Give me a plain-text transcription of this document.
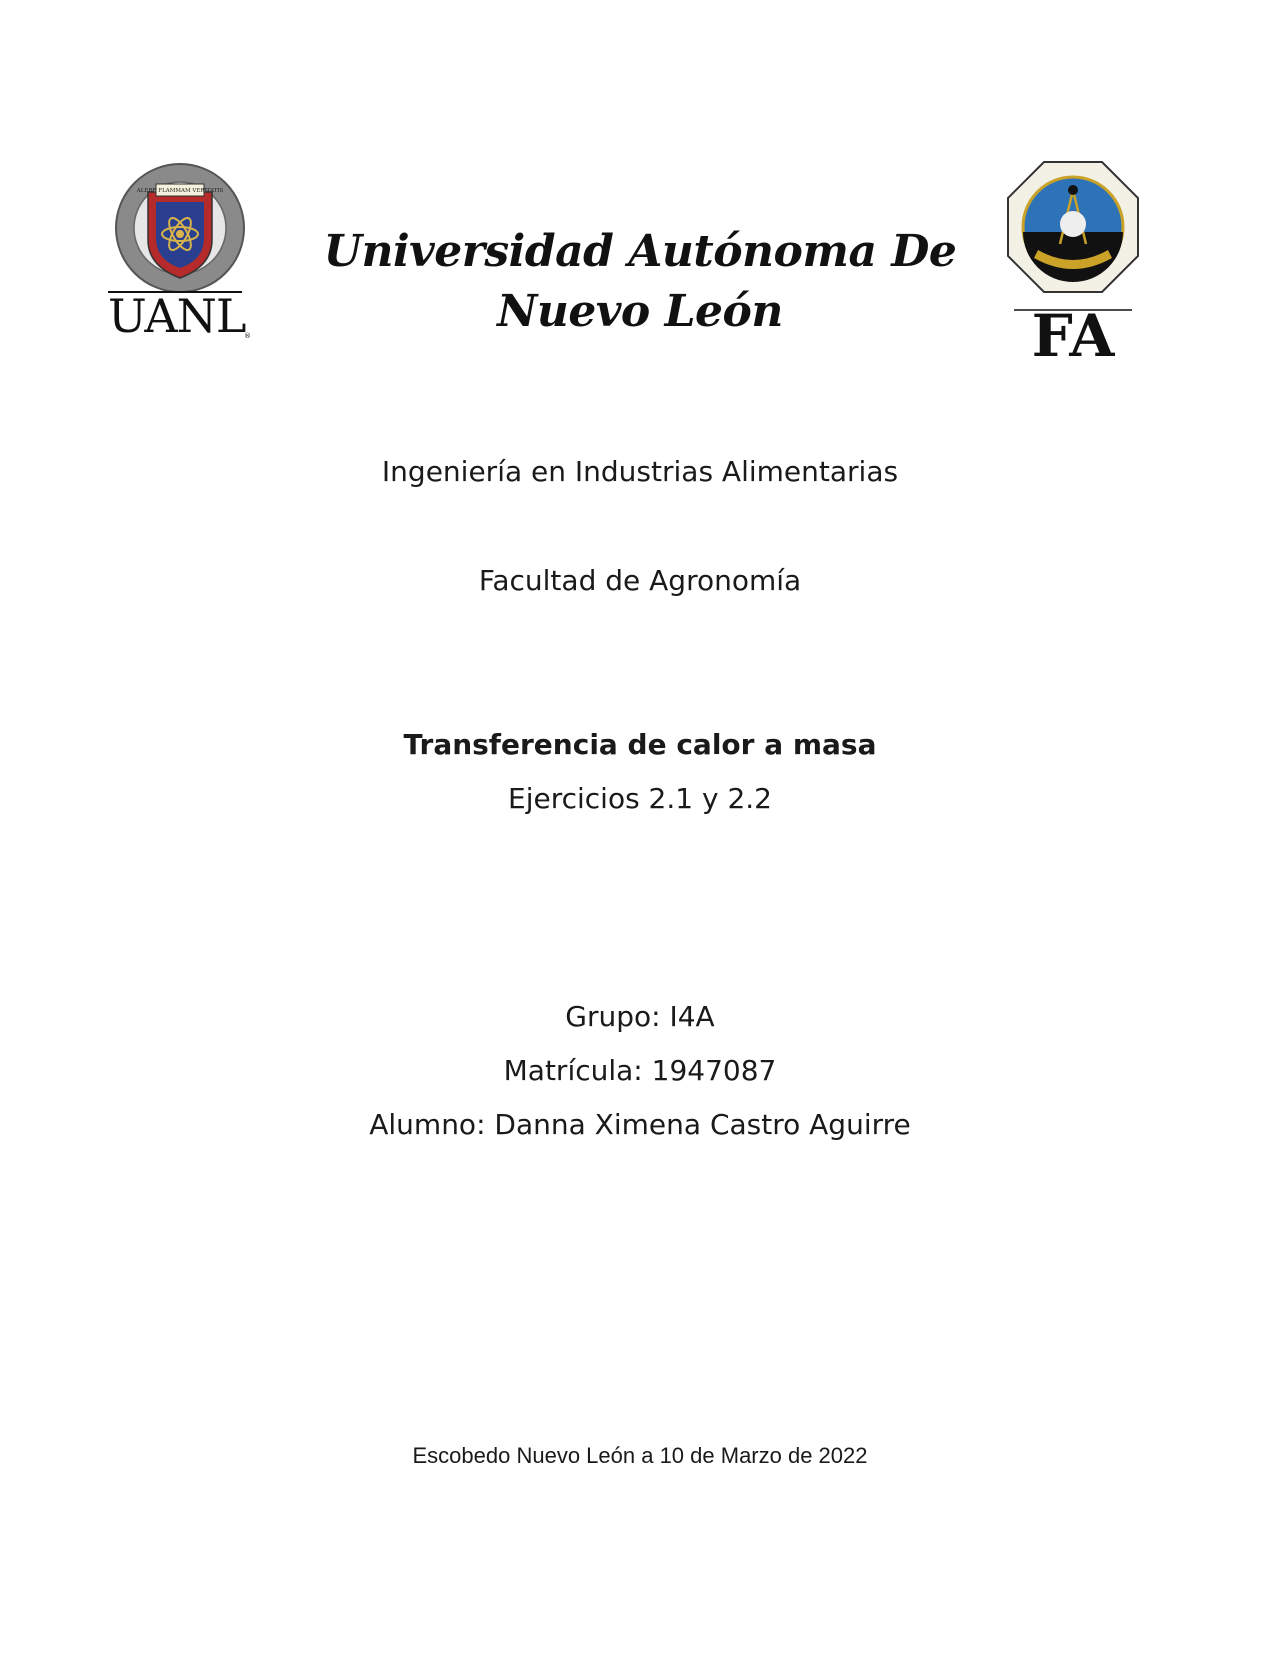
ALERE FLAMMAM VERITATIS
UANL
®	FA
Universidad Autónoma De
Nuevo León
Ingeniería en Industrias Alimentarias
Facultad de Agronomía
Transferencia de calor a masa
Ejercicios 2.1 y 2.2
Grupo: I4A
Matrícula: 1947087
Alumno: Danna Ximena Castro Aguirre
Escobedo Nuevo León a 10 de Marzo de 2022
